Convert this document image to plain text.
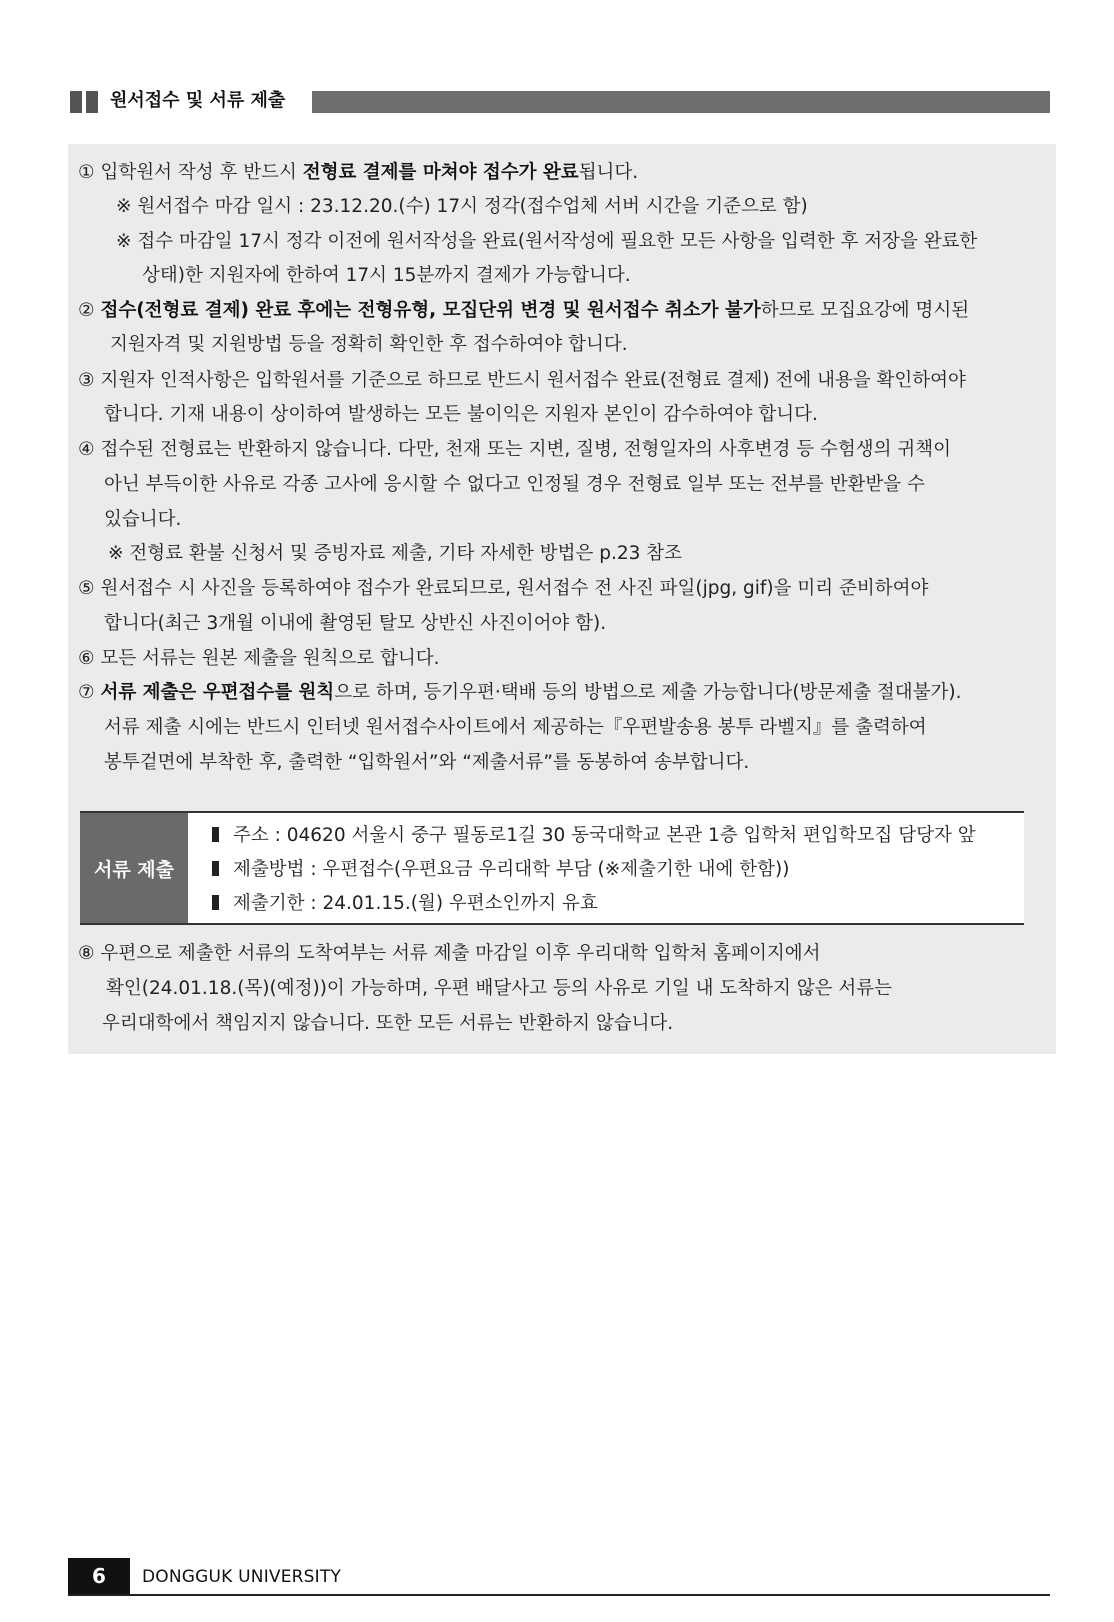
원서접수 및 서류 제출
① 입학원서 작성 후 반드시 전형료 결제를 마쳐야 접수가 완료됩니다.
※ 원서접수 마감 일시 : 23.12.20.(수) 17시 정각(접수업체 서버 시간을 기준으로 함)
※ 접수 마감일 17시 정각 이전에 원서작성을 완료(원서작성에 필요한 모든 사항을 입력한 후 저장을 완료한
상태)한 지원자에 한하여 17시 15분까지 결제가 가능합니다.
② 접수(전형료 결제) 완료 후에는 전형유형, 모집단위 변경 및 원서접수 취소가 불가하므로 모집요강에 명시된
지원자격 및 지원방법 등을 정확히 확인한 후 접수하여야 합니다.
③ 지원자 인적사항은 입학원서를 기준으로 하므로 반드시 원서접수 완료(전형료 결제) 전에 내용을 확인하여야
합니다. 기재 내용이 상이하여 발생하는 모든 불이익은 지원자 본인이 감수하여야 합니다.
④ 접수된 전형료는 반환하지 않습니다. 다만, 천재 또는 지변, 질병, 전형일자의 사후변경 등 수험생의 귀책이
아닌 부득이한 사유로 각종 고사에 응시할 수 없다고 인정될 경우 전형료 일부 또는 전부를 반환받을 수
있습니다.
※ 전형료 환불 신청서 및 증빙자료 제출, 기타 자세한 방법은 p.23 참조
⑤ 원서접수 시 사진을 등록하여야 접수가 완료되므로, 원서접수 전 사진 파일(jpg, gif)을 미리 준비하여야
합니다(최근 3개월 이내에 촬영된 탈모 상반신 사진이어야 함).
⑥ 모든 서류는 원본 제출을 원칙으로 합니다.
⑦ 서류 제출은 우편접수를 원칙으로 하며, 등기우편·택배 등의 방법으로 제출 가능합니다(방문제출 절대불가).
서류 제출 시에는 반드시 인터넷 원서접수사이트에서 제공하는『우편발송용 봉투 라벨지』를 출력하여
봉투겉면에 부착한 후, 출력한 “입학원서”와 “제출서류”를 동봉하여 송부합니다.
서류 제출
주소 : 04620 서울시 중구 필동로1길 30 동국대학교 본관 1층 입학처 편입학모집 담당자 앞
제출방법 : 우편접수(우편요금 우리대학 부담 (※제출기한 내에 한함))
제출기한 : 24.01.15.(월) 우편소인까지 유효
⑧ 우편으로 제출한 서류의 도착여부는 서류 제출 마감일 이후 우리대학 입학처 홈페이지에서
확인(24.01.18.(목)(예정))이 가능하며, 우편 배달사고 등의 사유로 기일 내 도착하지 않은 서류는
우리대학에서 책임지지 않습니다. 또한 모든 서류는 반환하지 않습니다.
6	DONGGUK UNIVERSITY
